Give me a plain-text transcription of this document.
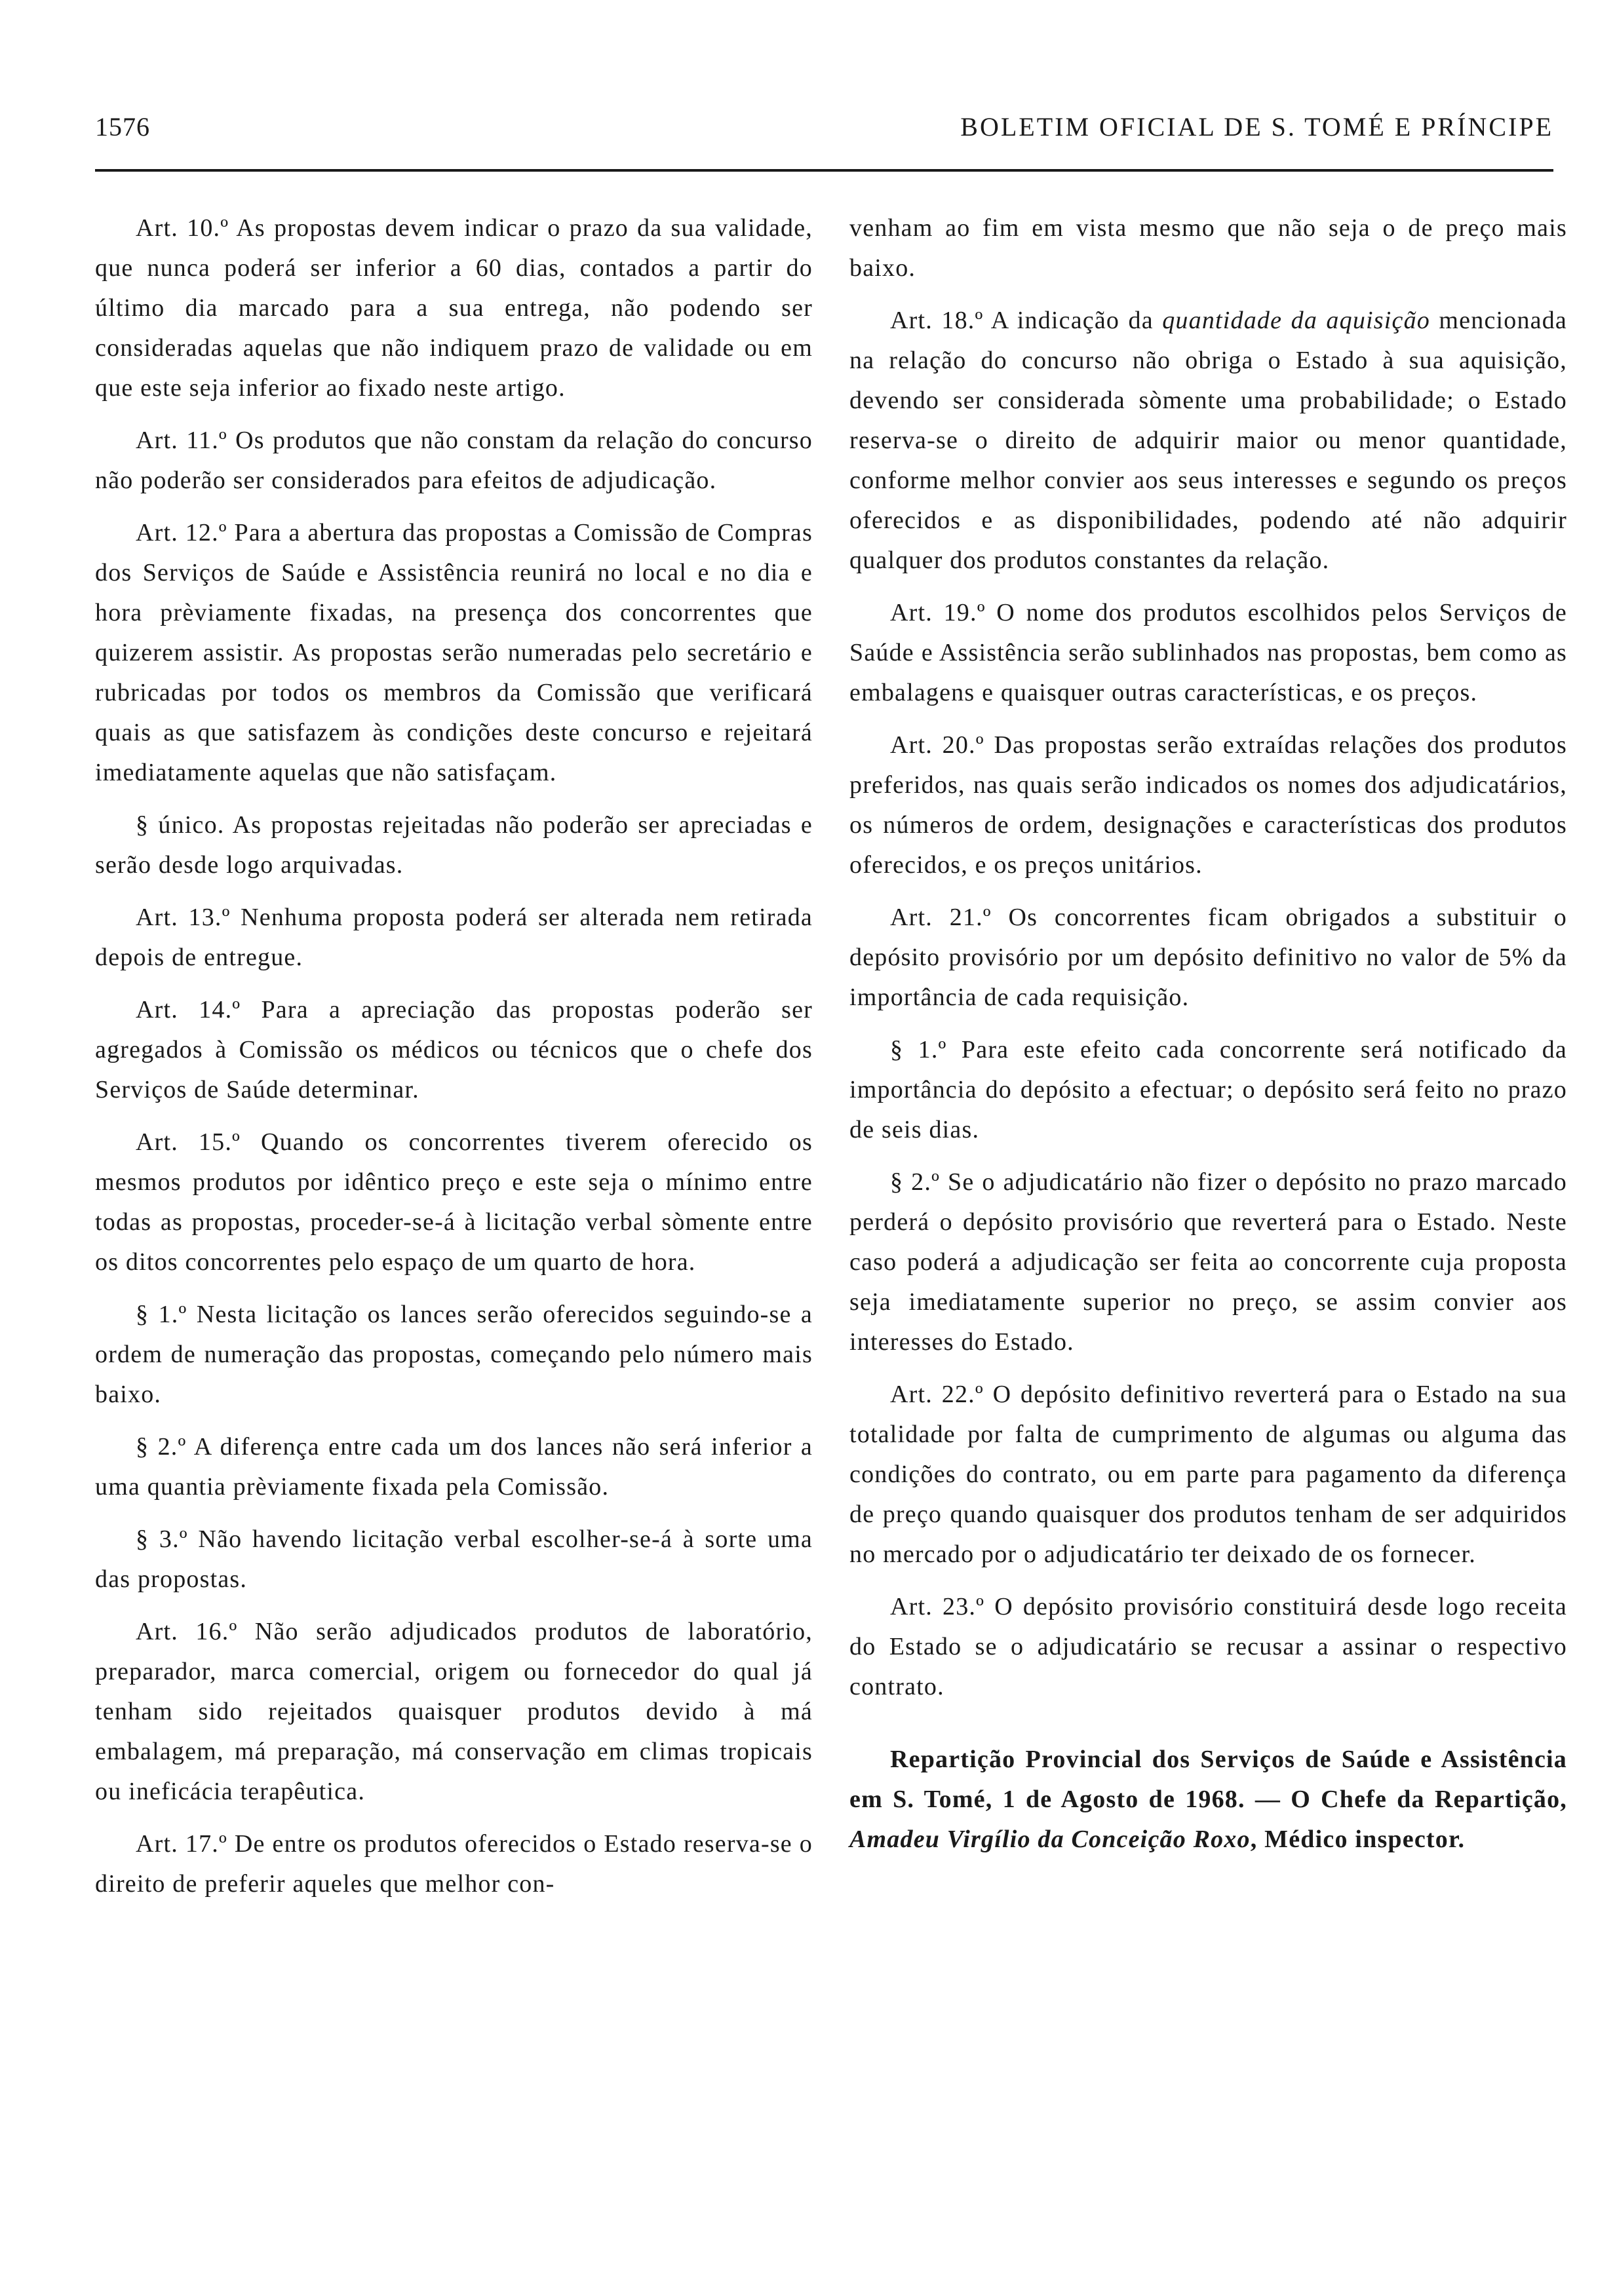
1576	BOLETIM OFICIAL DE S. TOMÉ E PRÍNCIPE

Art. 10.º As propostas devem indicar o prazo da sua validade, que nunca poderá ser inferior a 60 dias, contados a partir do último dia marcado para a sua entrega, não podendo ser consideradas aquelas que não indiquem prazo de validade ou em que este seja inferior ao fixado neste artigo.

Art. 11.º Os produtos que não constam da relação do concurso não poderão ser considerados para efeitos de adjudicação.

Art. 12.º Para a abertura das propostas a Comissão de Compras dos Serviços de Saúde e Assistência reunirá no local e no dia e hora prèviamente fixadas, na presença dos concorrentes que quizerem assistir. As propostas serão numeradas pelo secretário e rubricadas por todos os membros da Comissão que verificará quais as que satisfazem às condições deste concurso e rejeitará imediatamente aquelas que não satisfaçam.

§ único. As propostas rejeitadas não poderão ser apreciadas e serão desde logo arquivadas.

Art. 13.º Nenhuma proposta poderá ser alterada nem retirada depois de entregue.

Art. 14.º Para a apreciação das propostas poderão ser agregados à Comissão os médicos ou técnicos que o chefe dos Serviços de Saúde determinar.

Art. 15.º Quando os concorrentes tiverem oferecido os mesmos produtos por idêntico preço e este seja o mínimo entre todas as propostas, proceder-se-á à licitação verbal sòmente entre os ditos concorrentes pelo espaço de um quarto de hora.

§ 1.º Nesta licitação os lances serão oferecidos seguindo-se a ordem de numeração das propostas, começando pelo número mais baixo.

§ 2.º A diferença entre cada um dos lances não será inferior a uma quantia prèviamente fixada pela Comissão.

§ 3.º Não havendo licitação verbal escolher-se-á à sorte uma das propostas.

Art. 16.º Não serão adjudicados produtos de laboratório, preparador, marca comercial, origem ou fornecedor do qual já tenham sido rejeitados quaisquer produtos devido à má embalagem, má preparação, má conservação em climas tropicais ou ineficácia terapêutica.

Art. 17.º De entre os produtos oferecidos o Estado reserva-se o direito de preferir aqueles que melhor con-

venham ao fim em vista mesmo que não seja o de preço mais baixo.

Art. 18.º A indicação da quantidade da aquisição mencionada na relação do concurso não obriga o Estado à sua aquisição, devendo ser considerada sòmente uma probabilidade; o Estado reserva-se o direito de adquirir maior ou menor quantidade, conforme melhor convier aos seus interesses e segundo os preços oferecidos e as disponibilidades, podendo até não adquirir qualquer dos produtos constantes da relação.

Art. 19.º O nome dos produtos escolhidos pelos Serviços de Saúde e Assistência serão sublinhados nas propostas, bem como as embalagens e quaisquer outras características, e os preços.

Art. 20.º Das propostas serão extraídas relações dos produtos preferidos, nas quais serão indicados os nomes dos adjudicatários, os números de ordem, designações e características dos produtos oferecidos, e os preços unitários.

Art. 21.º Os concorrentes ficam obrigados a substituir o depósito provisório por um depósito definitivo no valor de 5% da importância de cada requisição.

§ 1.º Para este efeito cada concorrente será notificado da importância do depósito a efectuar; o depósito será feito no prazo de seis dias.

§ 2.º Se o adjudicatário não fizer o depósito no prazo marcado perderá o depósito provisório que reverterá para o Estado. Neste caso poderá a adjudicação ser feita ao concorrente cuja proposta seja imediatamente superior no preço, se assim convier aos interesses do Estado.

Art. 22.º O depósito definitivo reverterá para o Estado na sua totalidade por falta de cumprimento de algumas ou alguma das condições do contrato, ou em parte para pagamento da diferença de preço quando quaisquer dos produtos tenham de ser adquiridos no mercado por o adjudicatário ter deixado de os fornecer.

Art. 23.º O depósito provisório constituirá desde logo receita do Estado se o adjudicatário se recusar a assinar o respectivo contrato.

Repartição Provincial dos Serviços de Saúde e Assistência em S. Tomé, 1 de Agosto de 1968. — O Chefe da Repartição, Amadeu Virgílio da Conceição Roxo, Médico inspector.
